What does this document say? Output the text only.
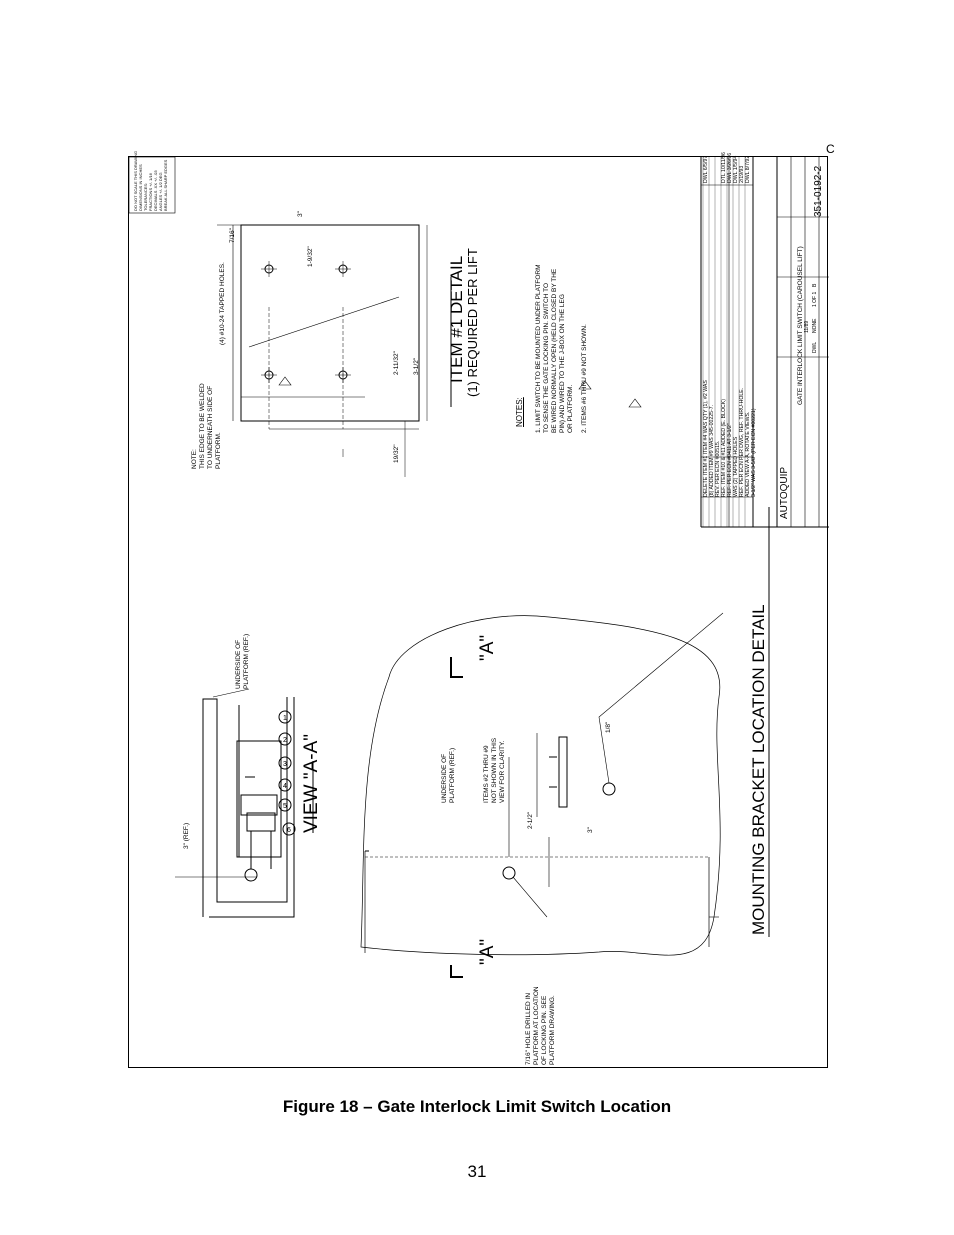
C
1
2
3
4
5
6
DO NOT SCALE THIS DRAWING DIMENSIONS IN INCHES TOLERANCES: FRACTIONS +/- 1/16 DECIMALS .XX +/- .03 ANGLES +/- 1/2 DEG BREAK ALL SHARP EDGES
VIEW "A-A"
UNDERSIDE OF PLATFORM (REF.)
3" (REF.)
"A"
"A"
UNDERSIDE OF PLATFORM (REF.)	ITEMS #2 THRU #9 NOT SHOWN IN THIS VIEW FOR CLARITY.
7/16" HOLE DRILLED IN PLATFORM AT LOCATION OF LOCKING PIN. SEE PLATFORM DRAWING.
2-1/2"
3"
1/8"
NOTE: THIS EDGE TO BE WELDED TO UNDERNEATH SIDE OF PLATFORM.
(4) #10-24 TAPPED HOLES.
2-11/32" 3-1/2"
19/32"
1-9/32"
7/16"
3"
ITEM #1 DETAIL (1) REQUIRED PER LIFT
NOTES: 1. LIMIT SWITCH TO BE MOUNTED UNDER PLATFORM TO SENSE THE GATE LOCKING PIN. SWITCH TO BE WIRED NORMALLY OPEN (HELD CLOSED BY THE PIN) AND WIRED TO THE J-BOX ON THE LEG OR PLATFORM. 2. ITEMS #6 THRU #9 NOT SHOWN.
MOUNTING BRACKET LOCATION DETAIL
DELETE ITEM #1 ITEM #4 WAS QTY (1), #2 WAS (8) ADDED ITEM #9 WAS 345-00225-7. REV. PER ECN #00515. REF. ITEM #10 & #11 ADDED (E. BLOCK) REF. PER ECN #0411 AT 3-1/2" WAS (2) TAPPED HOLES REF. PER ECN PER DWG, REF. THRU-HOLE. ADDED VIEW A-A, ROTATE VIEWS. 3-1/2" WAS 3-5/8" (PER ECN #00221)
DWL 6/5/97

DTL 10/11/96
DWL 3/26/96
DWL 1/5/94
2/19/93 DWL 8/7/92
AUTOQUIP
GATE INTERLOCK LIMIT SWITCH (CAROUSEL LIFT)
351-0192-2
DWL
NONE
11/89
1 OF 1
B
Figure 18 – Gate Interlock Limit Switch Location
31
